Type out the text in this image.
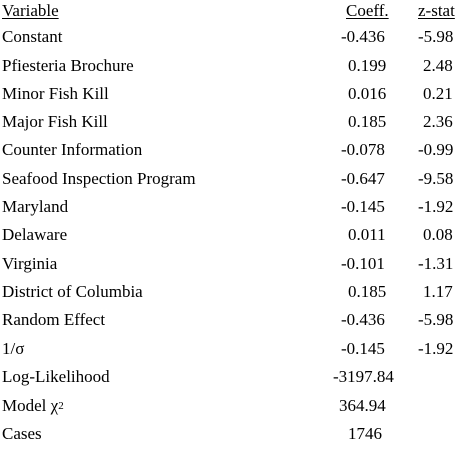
Variable	Coeff. z-stat
Constant	-0.436 -5.98
Pfiesteria Brochure	0.199 2.48
Minor Fish Kill	0.016 0.21
Major Fish Kill	0.185 2.36
Counter Information	-0.078 -0.99
Seafood Inspection Program	-0.647 -9.58
Maryland	-0.145 -1.92
Delaware	0.011 0.08
Virginia	-0.101 -1.31
District of Columbia	0.185 1.17
Random Effect	-0.436 -5.98
1/σ	-0.145 -1.92
Log-Likelihood	-3197.84
Model $\chi^2$	364.94
Cases	1746
